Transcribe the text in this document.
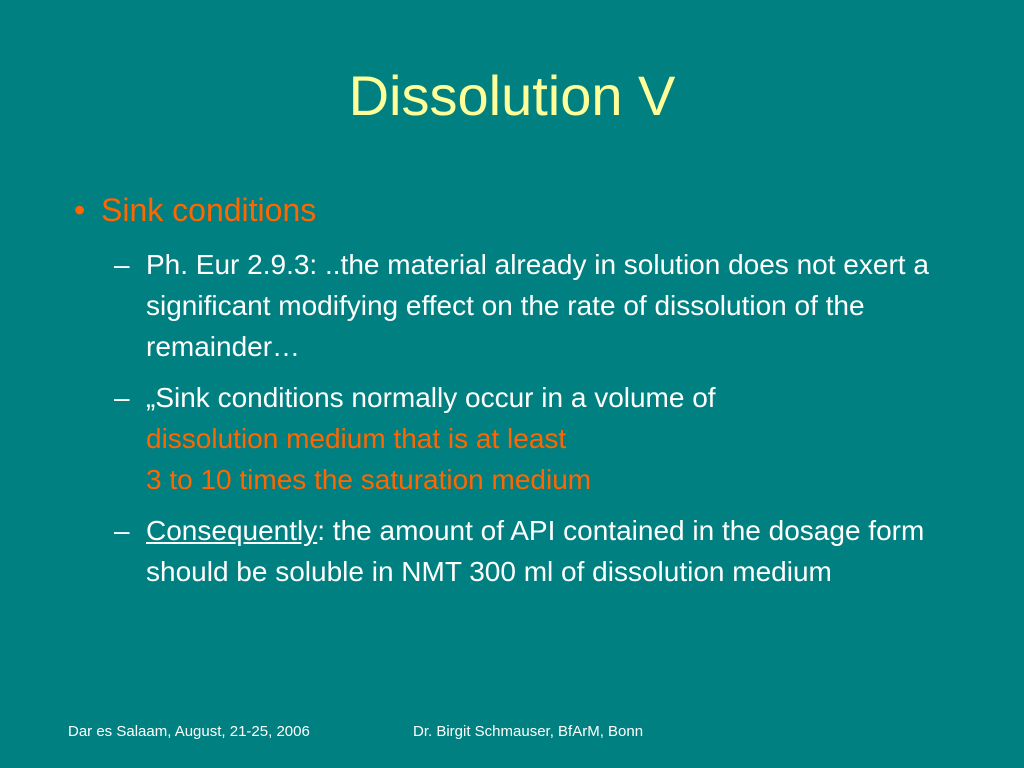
Dissolution V
• Sink conditions
– Ph. Eur 2.9.3: ..the material already in solution does not exert a significant modifying effect on the rate of dissolution of the remainder…
– „Sink conditions normally occur in a volume of
dissolution medium that is at least
3 to 10 times the saturation medium
– Consequently: the amount of API contained in the dosage form should be soluble in NMT 300 ml of dissolution medium
Dar es Salaam, August, 21-25, 2006	Dr. Birgit Schmauser, BfArM, Bonn
